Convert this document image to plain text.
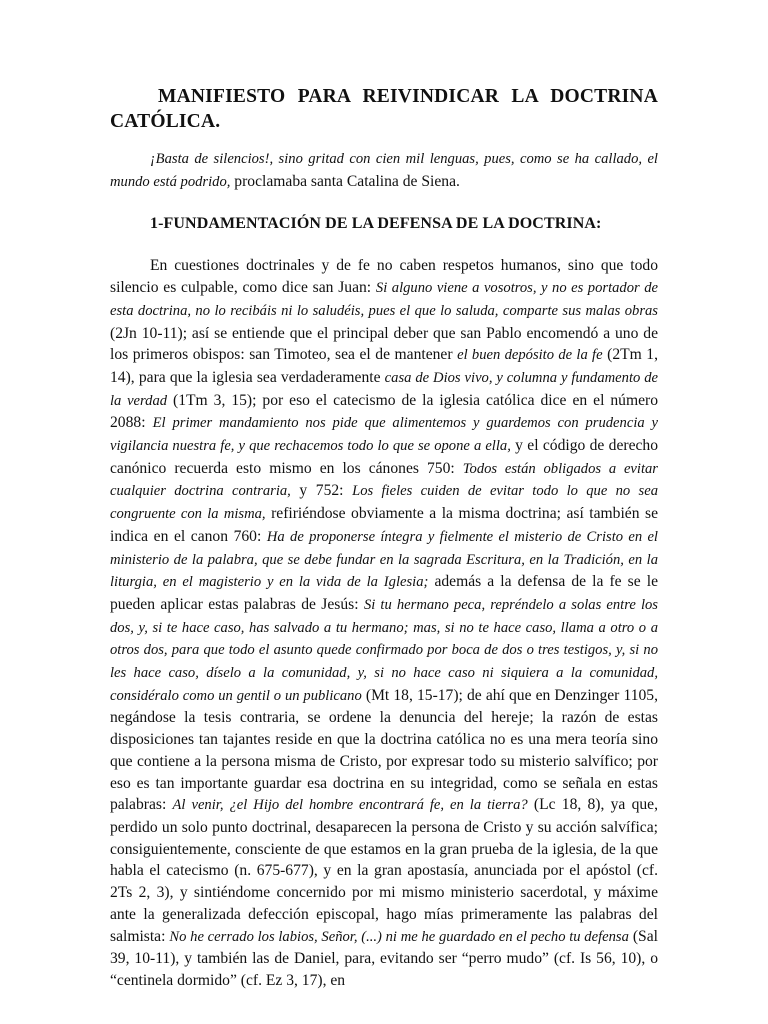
MANIFIESTO PARA REIVINDICAR LA DOCTRINA CATÓLICA.

¡Basta de silencios!, sino gritad con cien mil lenguas, pues, como se ha callado, el mundo está podrido, proclamaba santa Catalina de Siena.

1-FUNDAMENTACIÓN DE LA DEFENSA DE LA DOCTRINA:

En cuestiones doctrinales y de fe no caben respetos humanos, sino que todo silencio es culpable, como dice san Juan: Si alguno viene a vosotros, y no es portador de esta doctrina, no lo recibáis ni lo saludéis, pues el que lo saluda, comparte sus malas obras (2Jn 10-11); así se entiende que el principal deber que san Pablo encomendó a uno de los primeros obispos: san Timoteo, sea el de mantener el buen depósito de la fe (2Tm 1, 14), para que la iglesia sea verdaderamente casa de Dios vivo, y columna y fundamento de la verdad (1Tm 3, 15); por eso el catecismo de la iglesia católica dice en el número 2088: El primer mandamiento nos pide que alimentemos y guardemos con prudencia y vigilancia nuestra fe, y que rechacemos todo lo que se opone a ella, y el código de derecho canónico recuerda esto mismo en los cánones 750: Todos están obligados a evitar cualquier doctrina contraria, y 752: Los fieles cuiden de evitar todo lo que no sea congruente con la misma, refiriéndose obviamente a la misma doctrina; así también se indica en el canon 760: Ha de proponerse íntegra y fielmente el misterio de Cristo en el ministerio de la palabra, que se debe fundar en la sagrada Escritura, en la Tradición, en la liturgia, en el magisterio y en la vida de la Iglesia; además a la defensa de la fe se le pueden aplicar estas palabras de Jesús: Si tu hermano peca, repréndelo a solas entre los dos, y, si te hace caso, has salvado a tu hermano; mas, si no te hace caso, llama a otro o a otros dos, para que todo el asunto quede confirmado por boca de dos o tres testigos, y, si no les hace caso, díselo a la comunidad, y, si no hace caso ni siquiera a la comunidad, considéralo como un gentil o un publicano (Mt 18, 15-17); de ahí que en Denzinger 1105, negándose la tesis contraria, se ordene la denuncia del hereje; la razón de estas disposiciones tan tajantes reside en que la doctrina católica no es una mera teoría sino que contiene a la persona misma de Cristo, por expresar todo su misterio salvífico; por eso es tan importante guardar esa doctrina en su integridad, como se señala en estas palabras: Al venir, ¿el Hijo del hombre encontrará fe, en la tierra? (Lc 18, 8), ya que, perdido un solo punto doctrinal, desaparecen la persona de Cristo y su acción salvífica; consiguientemente, consciente de que estamos en la gran prueba de la iglesia, de la que habla el catecismo (n. 675-677), y en la gran apostasía, anunciada por el apóstol (cf. 2Ts 2, 3), y sintiéndome concernido por mi mismo ministerio sacerdotal, y máxime ante la generalizada defección episcopal, hago mías primeramente las palabras del salmista: No he cerrado los labios, Señor, (...) ni me he guardado en el pecho tu defensa (Sal 39, 10-11), y también las de Daniel, para, evitando ser “perro mudo” (cf. Is 56, 10), o “centinela dormido” (cf. Ez 3, 17), en
